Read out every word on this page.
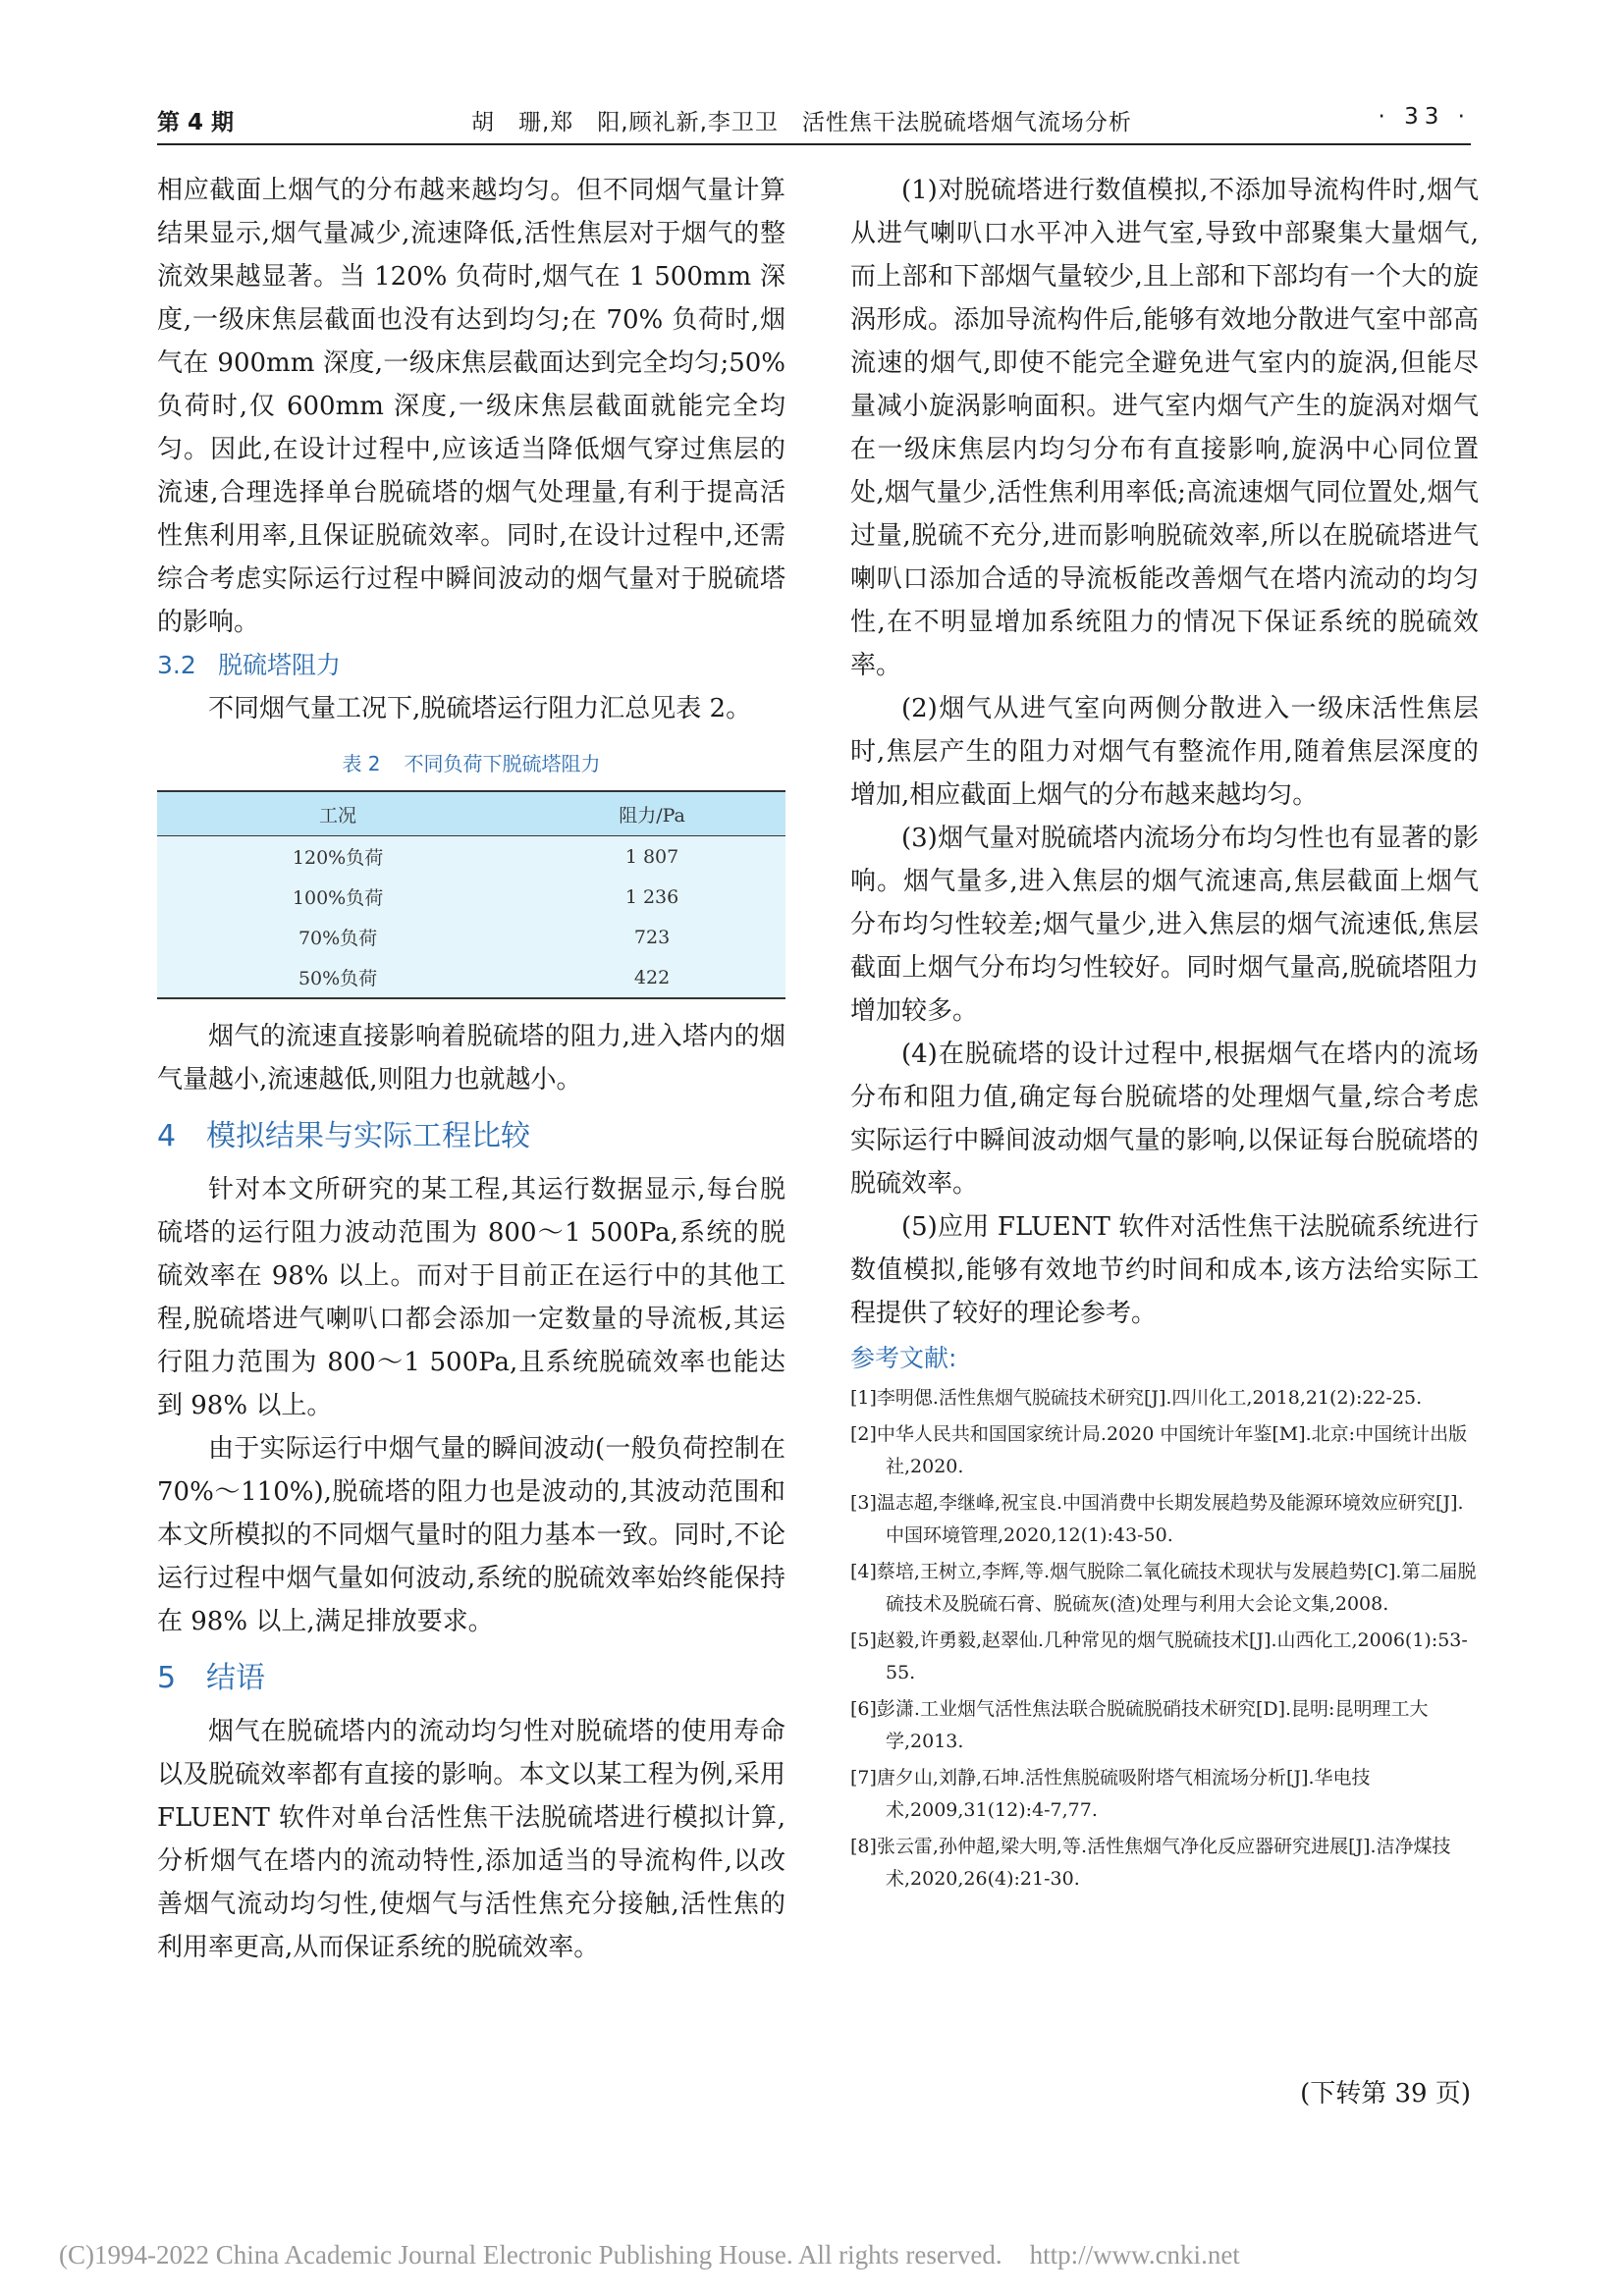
第 4 期	胡　珊,郑　阳,顾礼新,李卫卫　活性焦干法脱硫塔烟气流场分析	· 33 ·

相应截面上烟气的分布越来越均匀。但不同烟气量计算结果显示,烟气量减少,流速降低,活性焦层对于烟气的整流效果越显著。当 120% 负荷时,烟气在 1 500mm 深度,一级床焦层截面也没有达到均匀;在 70% 负荷时,烟气在 900mm 深度,一级床焦层截面达到完全均匀;50% 负荷时,仅 600mm 深度,一级床焦层截面就能完全均匀。因此,在设计过程中,应该适当降低烟气穿过焦层的流速,合理选择单台脱硫塔的烟气处理量,有利于提高活性焦利用率,且保证脱硫效率。同时,在设计过程中,还需综合考虑实际运行过程中瞬间波动的烟气量对于脱硫塔的影响。

3.2 脱硫塔阻力

不同烟气量工况下,脱硫塔运行阻力汇总见表 2。

表 2 不同负荷下脱硫塔阻力
工况	阻力/Pa
120%负荷	1 807
100%负荷	1 236
70%负荷	723
50%负荷	422

烟气的流速直接影响着脱硫塔的阻力,进入塔内的烟气量越小,流速越低,则阻力也就越小。

4 模拟结果与实际工程比较

针对本文所研究的某工程,其运行数据显示,每台脱硫塔的运行阻力波动范围为 800～1 500Pa,系统的脱硫效率在 98% 以上。而对于目前正在运行中的其他工程,脱硫塔进气喇叭口都会添加一定数量的导流板,其运行阻力范围为 800～1 500Pa,且系统脱硫效率也能达到 98% 以上。

由于实际运行中烟气量的瞬间波动(一般负荷控制在 70%～110%),脱硫塔的阻力也是波动的,其波动范围和本文所模拟的不同烟气量时的阻力基本一致。同时,不论运行过程中烟气量如何波动,系统的脱硫效率始终能保持在 98% 以上,满足排放要求。

5 结语

烟气在脱硫塔内的流动均匀性对脱硫塔的使用寿命以及脱硫效率都有直接的影响。本文以某工程为例,采用 FLUENT 软件对单台活性焦干法脱硫塔进行模拟计算,分析烟气在塔内的流动特性,添加适当的导流构件,以改善烟气流动均匀性,使烟气与活性焦充分接触,活性焦的利用率更高,从而保证系统的脱硫效率。

(1)对脱硫塔进行数值模拟,不添加导流构件时,烟气从进气喇叭口水平冲入进气室,导致中部聚集大量烟气,而上部和下部烟气量较少,且上部和下部均有一个大的旋涡形成。添加导流构件后,能够有效地分散进气室中部高流速的烟气,即使不能完全避免进气室内的旋涡,但能尽量减小旋涡影响面积。进气室内烟气产生的旋涡对烟气在一级床焦层内均匀分布有直接影响,旋涡中心同位置处,烟气量少,活性焦利用率低;高流速烟气同位置处,烟气过量,脱硫不充分,进而影响脱硫效率,所以在脱硫塔进气喇叭口添加合适的导流板能改善烟气在塔内流动的均匀性,在不明显增加系统阻力的情况下保证系统的脱硫效率。

(2)烟气从进气室向两侧分散进入一级床活性焦层时,焦层产生的阻力对烟气有整流作用,随着焦层深度的增加,相应截面上烟气的分布越来越均匀。

(3)烟气量对脱硫塔内流场分布均匀性也有显著的影响。烟气量多,进入焦层的烟气流速高,焦层截面上烟气分布均匀性较差;烟气量少,进入焦层的烟气流速低,焦层截面上烟气分布均匀性较好。同时烟气量高,脱硫塔阻力增加较多。

(4)在脱硫塔的设计过程中,根据烟气在塔内的流场分布和阻力值,确定每台脱硫塔的处理烟气量,综合考虑实际运行中瞬间波动烟气量的影响,以保证每台脱硫塔的脱硫效率。

(5)应用 FLUENT 软件对活性焦干法脱硫系统进行数值模拟,能够有效地节约时间和成本,该方法给实际工程提供了较好的理论参考。

参考文献:
[1]李明偲.活性焦烟气脱硫技术研究[J].四川化工,2018,21(2):22-25.
[2]中华人民共和国国家统计局.2020 中国统计年鉴[M].北京:中国统计出版社,2020.
[3]温志超,李继峰,祝宝良.中国消费中长期发展趋势及能源环境效应研究[J].中国环境管理,2020,12(1):43-50.
[4]蔡培,王树立,李辉,等.烟气脱除二氧化硫技术现状与发展趋势[C].第二届脱硫技术及脱硫石膏、脱硫灰(渣)处理与利用大会论文集,2008.
[5]赵毅,许勇毅,赵翠仙.几种常见的烟气脱硫技术[J].山西化工,2006(1):53-55.
[6]彭潇.工业烟气活性焦法联合脱硫脱硝技术研究[D].昆明:昆明理工大学,2013.
[7]唐夕山,刘静,石坤.活性焦脱硫吸附塔气相流场分析[J].华电技术,2009,31(12):4-7,77.
[8]张云雷,孙仲超,梁大明,等.活性焦烟气净化反应器研究进展[J].洁净煤技术,2020,26(4):21-30.
(下转第 39 页)
(C)1994-2022 China Academic Journal Electronic Publishing House. All rights reserved. http://www.cnki.net
